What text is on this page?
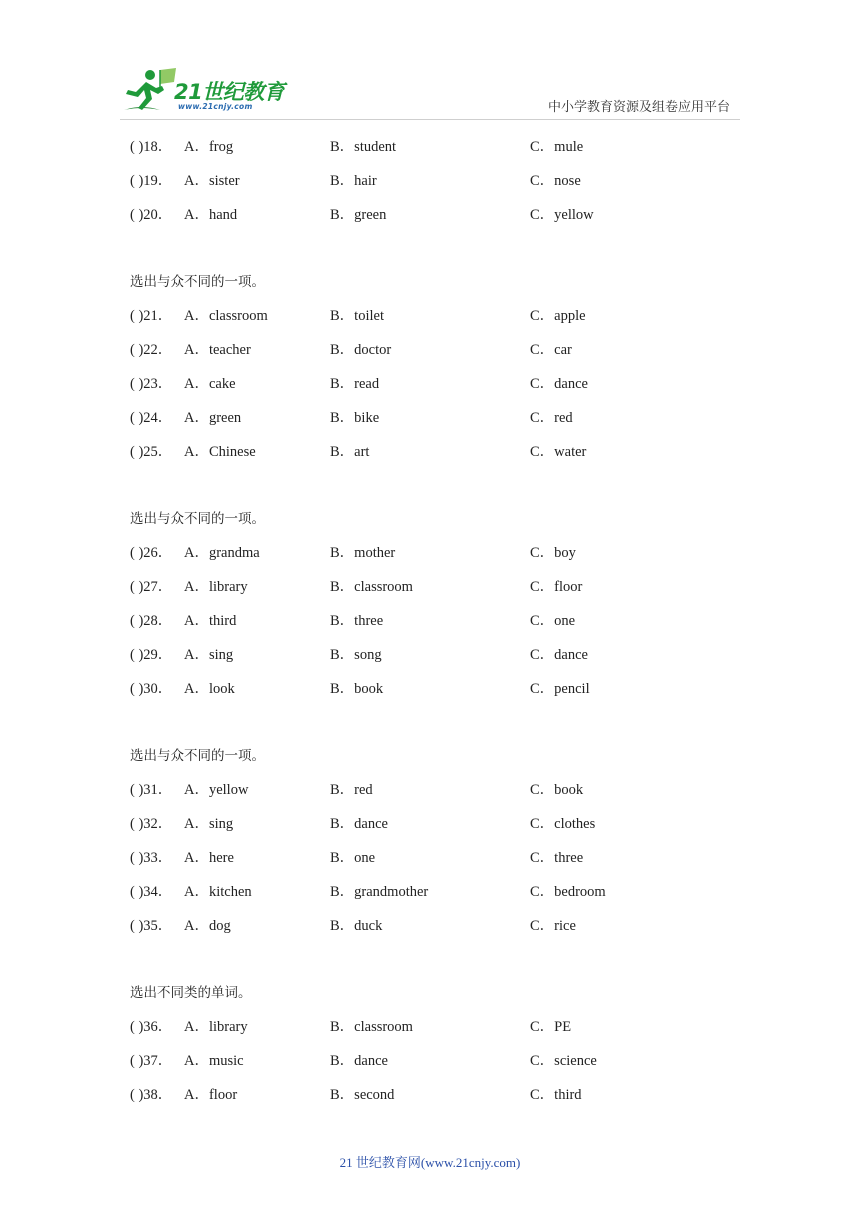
21世纪教育
www.21cnjy.com	中小学教育资源及组卷应用平台
( )18． A．frog	B．student	C．mule
( )19． A．sister	B．hair	C．nose
( )20． A．hand	B．green	C．yellow
选出与众不同的一项。
( )21． A．classroom	B．toilet	C．apple
( )22． A．teacher	B．doctor	C．car
( )23． A．cake	B．read	C．dance
( )24． A．green	B．bike	C．red
( )25． A．Chinese	B．art	C．water
选出与众不同的一项。
( )26． A．grandma	B．mother	C．boy
( )27． A．library	B．classroom	C．floor
( )28． A．third	B．three	C．one
( )29． A．sing	B．song	C．dance
( )30． A．look	B．book	C．pencil
选出与众不同的一项。
( )31． A．yellow	B．red	C．book
( )32． A．sing	B．dance	C．clothes
( )33． A．here	B．one	C．three
( )34． A．kitchen	B．grandmother	C．bedroom
( )35． A．dog	B．duck	C．rice
选出不同类的单词。
( )36． A．library	B．classroom	C．PE
( )37． A．music	B．dance	C．science
( )38． A．floor	B．second	C．third
21 世纪教育网(www.21cnjy.com)
